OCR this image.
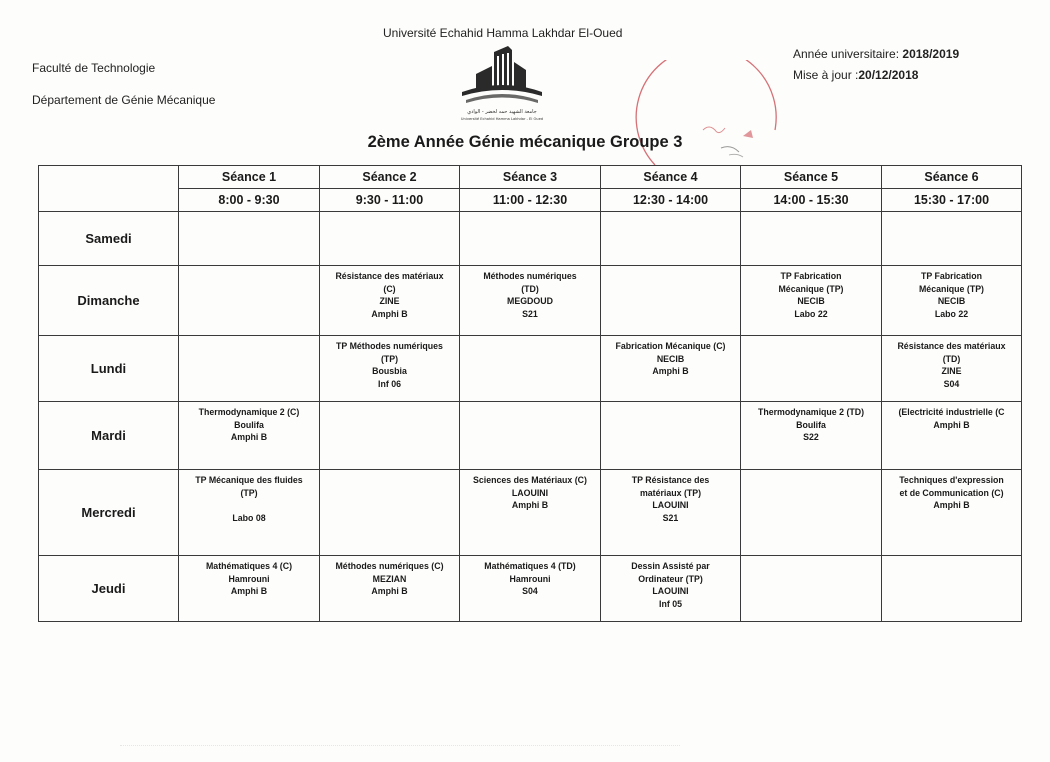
Université Echahid Hamma Lakhdar El-Oued
Faculté de Technologie
Département de Génie Mécanique
Année universitaire: 2018/2019
Mise à jour :20/12/2018
جامعة الشهيد حمه لخضر - الوادي
Université Echahid Hamma Lakhdar - El Oued
2ème Année Génie mécanique Groupe 3
	Séance 1	Séance 2	Séance 3	Séance 4	Séance 5	Séance 6
	8:00 - 9:30	9:30 - 11:00	11:00 - 12:30	12:30 - 14:00	14:00 - 15:30	15:30 - 17:00
Samedi	

Dimanche		Résistance des matériaux
(C)
ZINE
Amphi B	Méthodes numériques
(TD)
MEGDOUD
S21		TP Fabrication
Mécanique (TP)
NECIB
Labo 22	TP Fabrication
Mécanique (TP)
NECIB
Labo 22

Lundi		TP Méthodes numériques
(TP)
Bousbia
Inf 06		Fabrication Mécanique (C)
NECIB
Amphi B		Résistance des matériaux
(TD)
ZINE
S04

Mardi	Thermodynamique 2 (C)
Boulifa
Amphi B				Thermodynamique 2 (TD)
Boulifa
S22	(Electricité industrielle (C
Amphi B

Mercredi	TP Mécanique des fluides
(TP)

Labo 08		Sciences des Matériaux (C)
LAOUINI
Amphi B	TP Résistance des
matériaux (TP)
LAOUINI
S21		Techniques d'expression
et de Communication (C)
Amphi B

Jeudi	Mathématiques 4 (C)
Hamrouni
Amphi B	Méthodes numériques (C)
MEZIAN
Amphi B	Mathématiques 4 (TD)
Hamrouni
S04	Dessin Assisté par
Ordinateur (TP)
LAOUINI
Inf 05		
